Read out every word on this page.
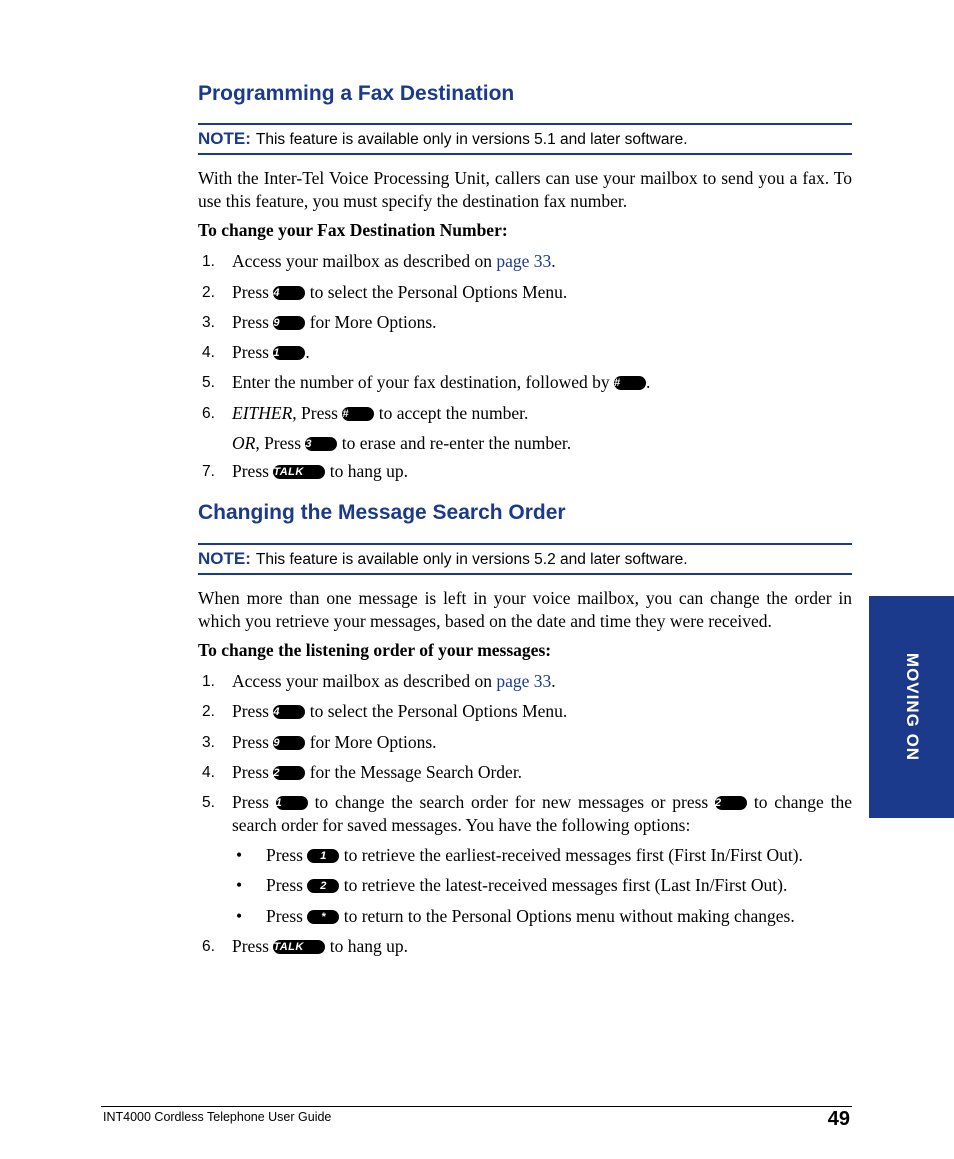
Programming a Fax Destination
NOTE: This feature is available only in versions 5.1 and later software.
With the Inter-Tel Voice Processing Unit, callers can use your mailbox to send you a fax. To use this feature, you must specify the destination fax number.
To change your Fax Destination Number:
1. Access your mailbox as described on page 33.
2. Press 4 to select the Personal Options Menu.
3. Press 9 for More Options.
4. Press 1 .
5. Enter the number of your fax destination, followed by # .
6. EITHER, Press # to accept the number.
OR, Press 3 to erase and re-enter the number.
7. Press TALK to hang up.
Changing the Message Search Order
NOTE: This feature is available only in versions 5.2 and later software.
When more than one message is left in your voice mailbox, you can change the order in which you retrieve your messages, based on the date and time they were received.
To change the listening order of your messages:
1. Access your mailbox as described on page 33.
2. Press 4 to select the Personal Options Menu.
3. Press 9 for More Options.
4. Press 2 for the Message Search Order.
5. Press 1 to change the search order for new messages or press 2 to change the search order for saved messages. You have the following options:
• Press 1 to retrieve the earliest-received messages first (First In/First Out).
• Press 2 to retrieve the latest-received messages first (Last In/First Out).
• Press * to return to the Personal Options menu without making changes.
6. Press TALK to hang up.
MOVING ON
INT4000 Cordless Telephone User Guide	49
